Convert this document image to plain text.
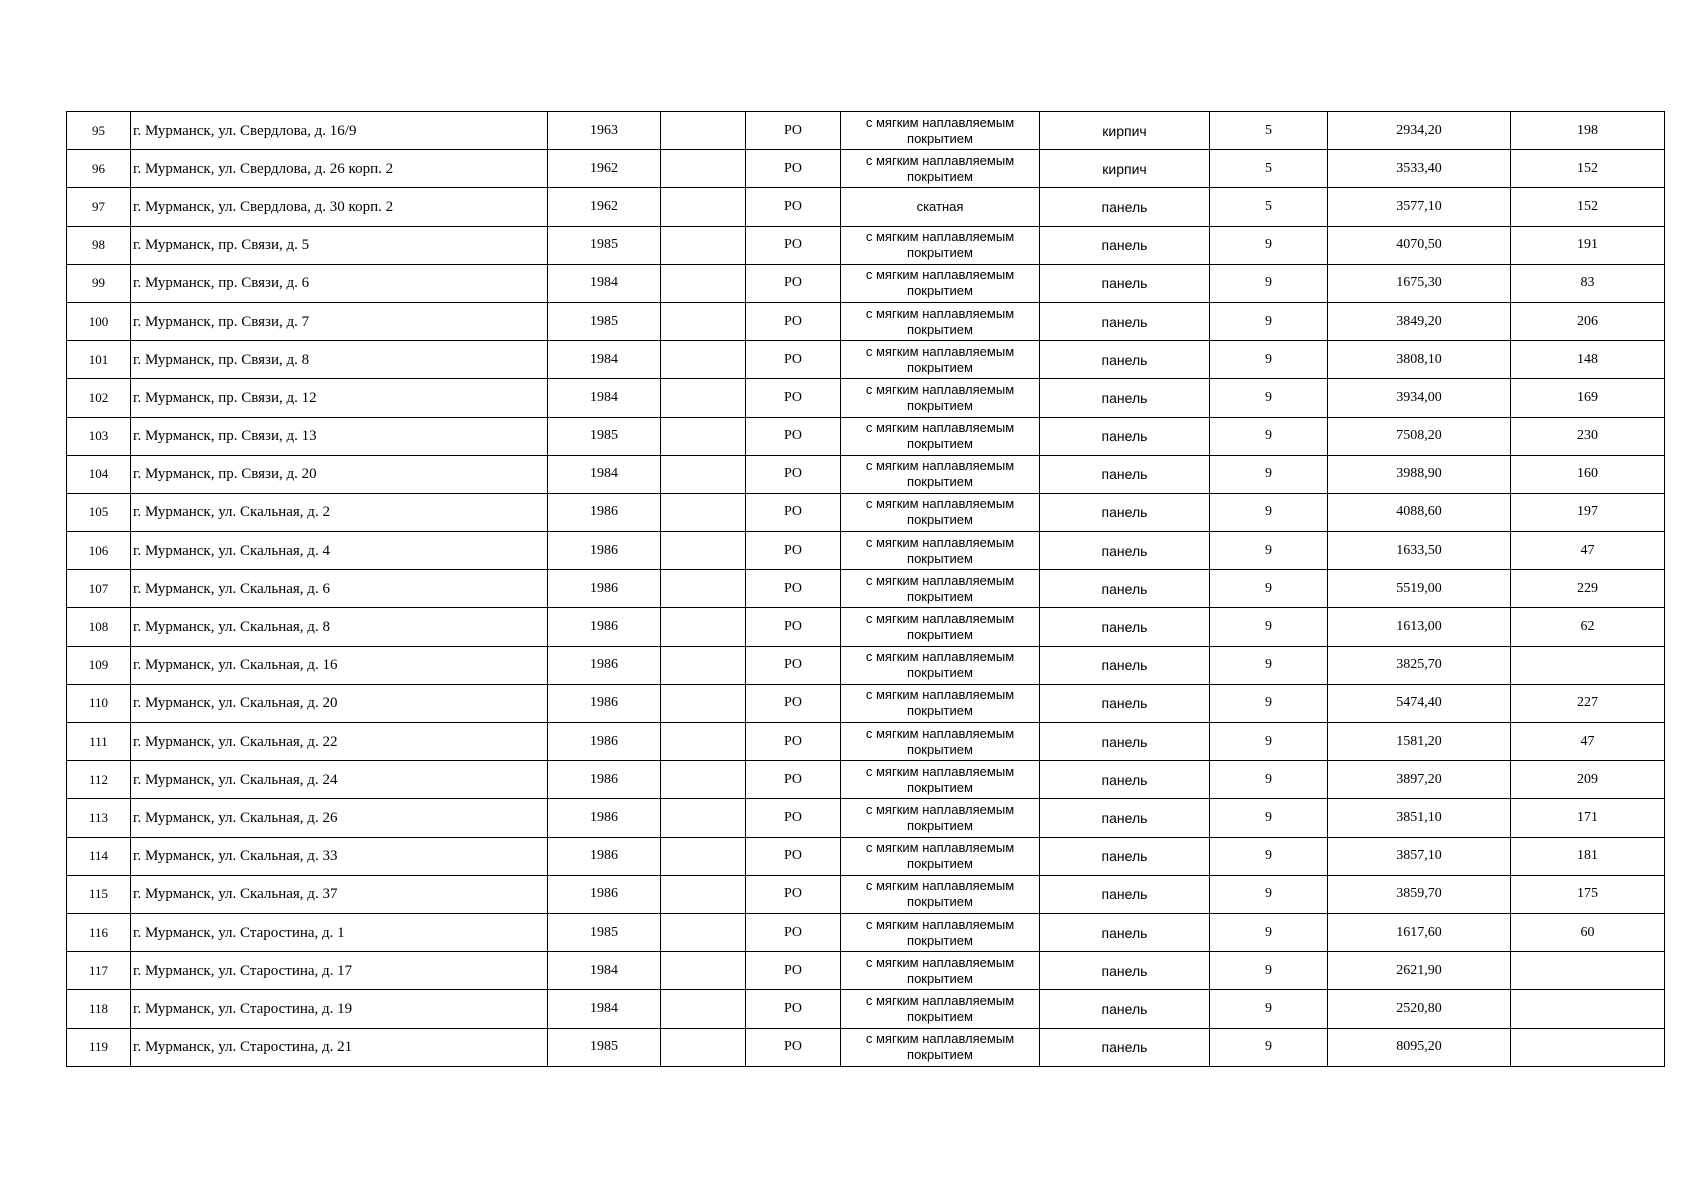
95	г. Мурманск, ул. Свердлова, д. 16/9	1963		РО	с мягким наплавляемым покрытием	кирпич	5	2934,20	198
96	г. Мурманск, ул. Свердлова, д. 26 корп. 2	1962		РО	с мягким наплавляемым покрытием	кирпич	5	3533,40	152
97	г. Мурманск, ул. Свердлова, д. 30 корп. 2	1962		РО	скатная	панель	5	3577,10	152
98	г. Мурманск, пр. Связи, д. 5	1985		РО	с мягким наплавляемым покрытием	панель	9	4070,50	191
99	г. Мурманск, пр. Связи, д. 6	1984		РО	с мягким наплавляемым покрытием	панель	9	1675,30	83
100	г. Мурманск, пр. Связи, д. 7	1985		РО	с мягким наплавляемым покрытием	панель	9	3849,20	206
101	г. Мурманск, пр. Связи, д. 8	1984		РО	с мягким наплавляемым покрытием	панель	9	3808,10	148
102	г. Мурманск, пр. Связи, д. 12	1984		РО	с мягким наплавляемым покрытием	панель	9	3934,00	169
103	г. Мурманск, пр. Связи, д. 13	1985		РО	с мягким наплавляемым покрытием	панель	9	7508,20	230
104	г. Мурманск, пр. Связи, д. 20	1984		РО	с мягким наплавляемым покрытием	панель	9	3988,90	160
105	г. Мурманск, ул. Скальная, д. 2	1986		РО	с мягким наплавляемым покрытием	панель	9	4088,60	197
106	г. Мурманск, ул. Скальная, д. 4	1986		РО	с мягким наплавляемым покрытием	панель	9	1633,50	47
107	г. Мурманск, ул. Скальная, д. 6	1986		РО	с мягким наплавляемым покрытием	панель	9	5519,00	229
108	г. Мурманск, ул. Скальная, д. 8	1986		РО	с мягким наплавляемым покрытием	панель	9	1613,00	62
109	г. Мурманск, ул. Скальная, д. 16	1986		РО	с мягким наплавляемым покрытием	панель	9	3825,70	
110	г. Мурманск, ул. Скальная, д. 20	1986		РО	с мягким наплавляемым покрытием	панель	9	5474,40	227
111	г. Мурманск, ул. Скальная, д. 22	1986		РО	с мягким наплавляемым покрытием	панель	9	1581,20	47
112	г. Мурманск, ул. Скальная, д. 24	1986		РО	с мягким наплавляемым покрытием	панель	9	3897,20	209
113	г. Мурманск, ул. Скальная, д. 26	1986		РО	с мягким наплавляемым покрытием	панель	9	3851,10	171
114	г. Мурманск, ул. Скальная, д. 33	1986		РО	с мягким наплавляемым покрытием	панель	9	3857,10	181
115	г. Мурманск, ул. Скальная, д. 37	1986		РО	с мягким наплавляемым покрытием	панель	9	3859,70	175
116	г. Мурманск, ул. Старостина, д. 1	1985		РО	с мягким наплавляемым покрытием	панель	9	1617,60	60
117	г. Мурманск, ул. Старостина, д. 17	1984		РО	с мягким наплавляемым покрытием	панель	9	2621,90	
118	г. Мурманск, ул. Старостина, д. 19	1984		РО	с мягким наплавляемым покрытием	панель	9	2520,80	
119	г. Мурманск, ул. Старостина, д. 21	1985		РО	с мягким наплавляемым покрытием	панель	9	8095,20	
